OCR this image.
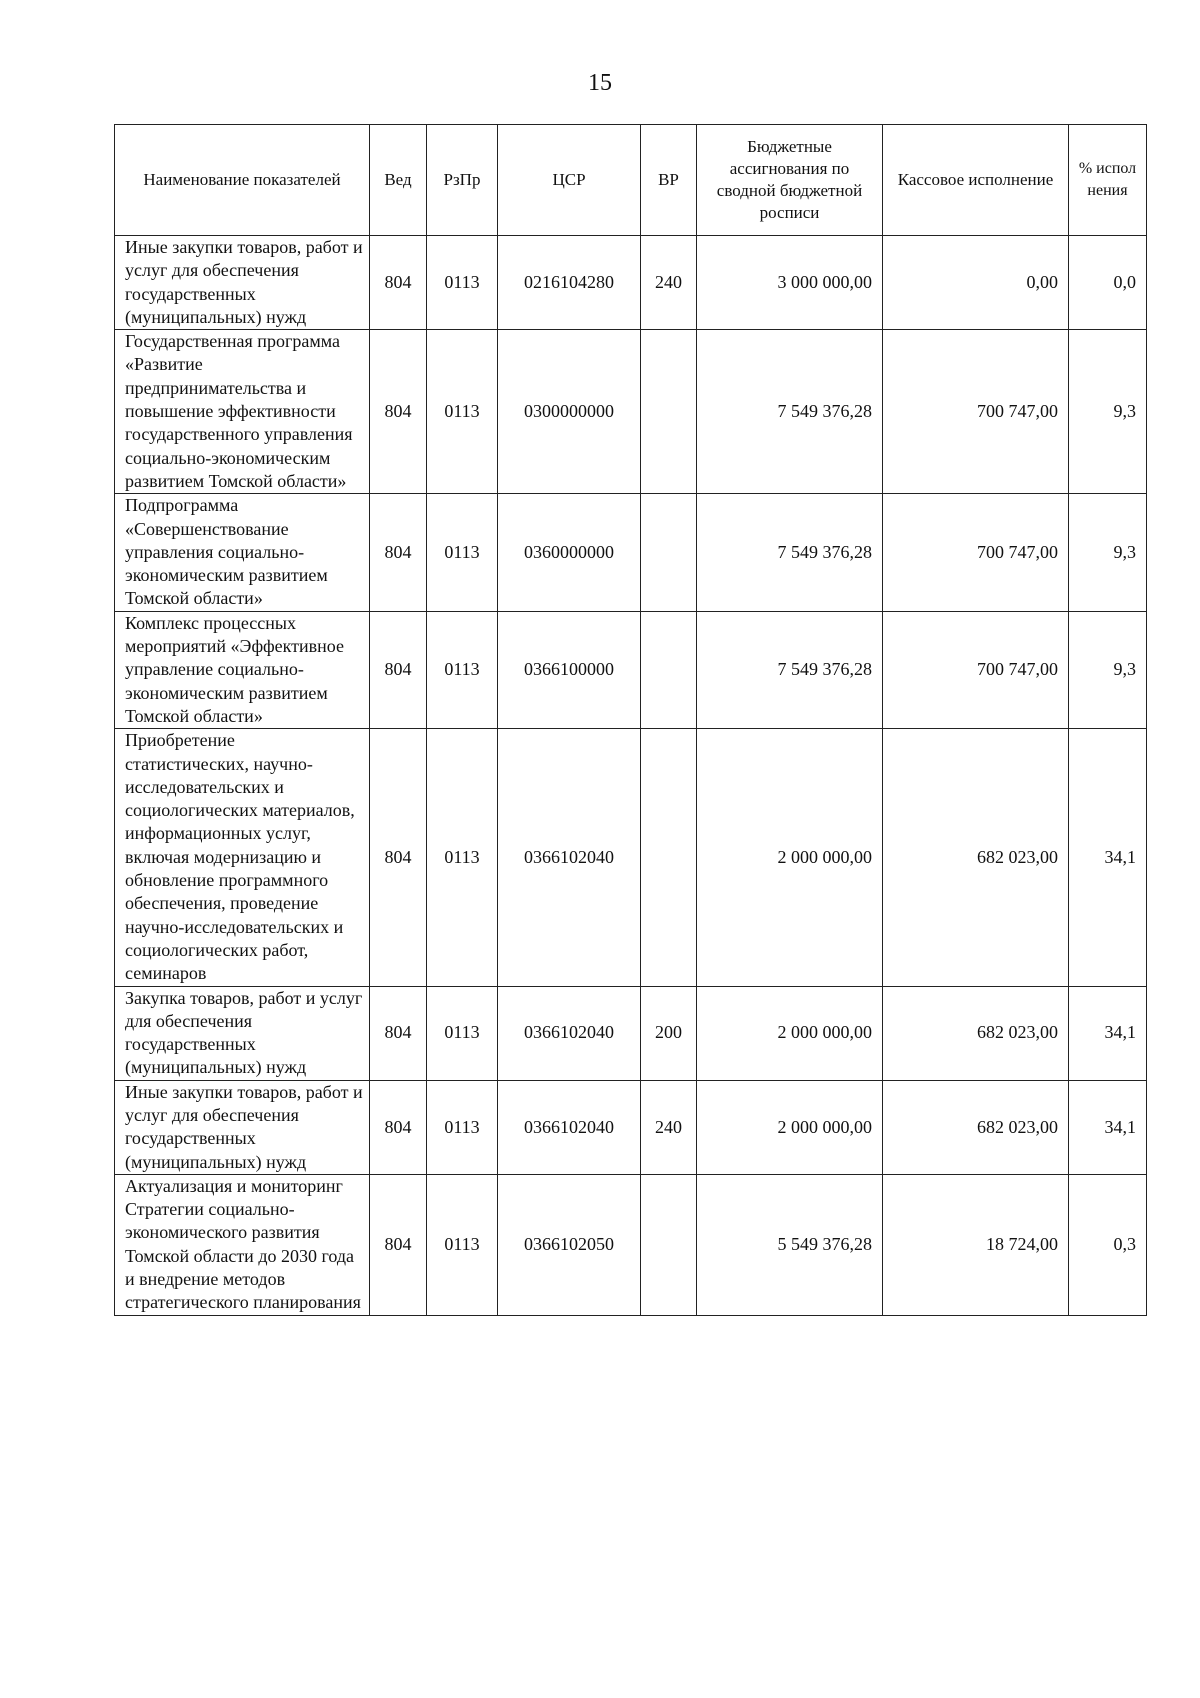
15
Наименование показателей	Вед	РзПр	ЦСР	ВР	Бюджетные ассигнования по сводной бюджетной росписи	Кассовое исполнение	% испол нения
Иные закупки товаров, работ и услуг для обеспечения государственных (муниципальных) нужд	804	0113	0216104280	240	3 000 000,00	0,00	0,0
Государственная программа «Развитие предпринимательства и повышение эффективности государственного управления социально-экономическим развитием Томской области»	804	0113	0300000000		7 549 376,28	700 747,00	9,3
Подпрограмма «Совершенствование управления социально-экономическим развитием Томской области»	804	0113	0360000000		7 549 376,28	700 747,00	9,3
Комплекс процессных мероприятий «Эффективное управление социально-экономическим развитием Томской области»	804	0113	0366100000		7 549 376,28	700 747,00	9,3
Приобретение статистических, научно-исследовательских и социологических материалов, информационных услуг, включая модернизацию и обновление программного обеспечения, проведение научно-исследовательских и социологических работ, семинаров	804	0113	0366102040		2 000 000,00	682 023,00	34,1
Закупка товаров, работ и услуг для обеспечения государственных (муниципальных) нужд	804	0113	0366102040	200	2 000 000,00	682 023,00	34,1
Иные закупки товаров, работ и услуг для обеспечения государственных (муниципальных) нужд	804	0113	0366102040	240	2 000 000,00	682 023,00	34,1
Актуализация и мониторинг Стратегии социально-экономического развития Томской области до 2030 года и внедрение методов стратегического планирования	804	0113	0366102050		5 549 376,28	18 724,00	0,3
